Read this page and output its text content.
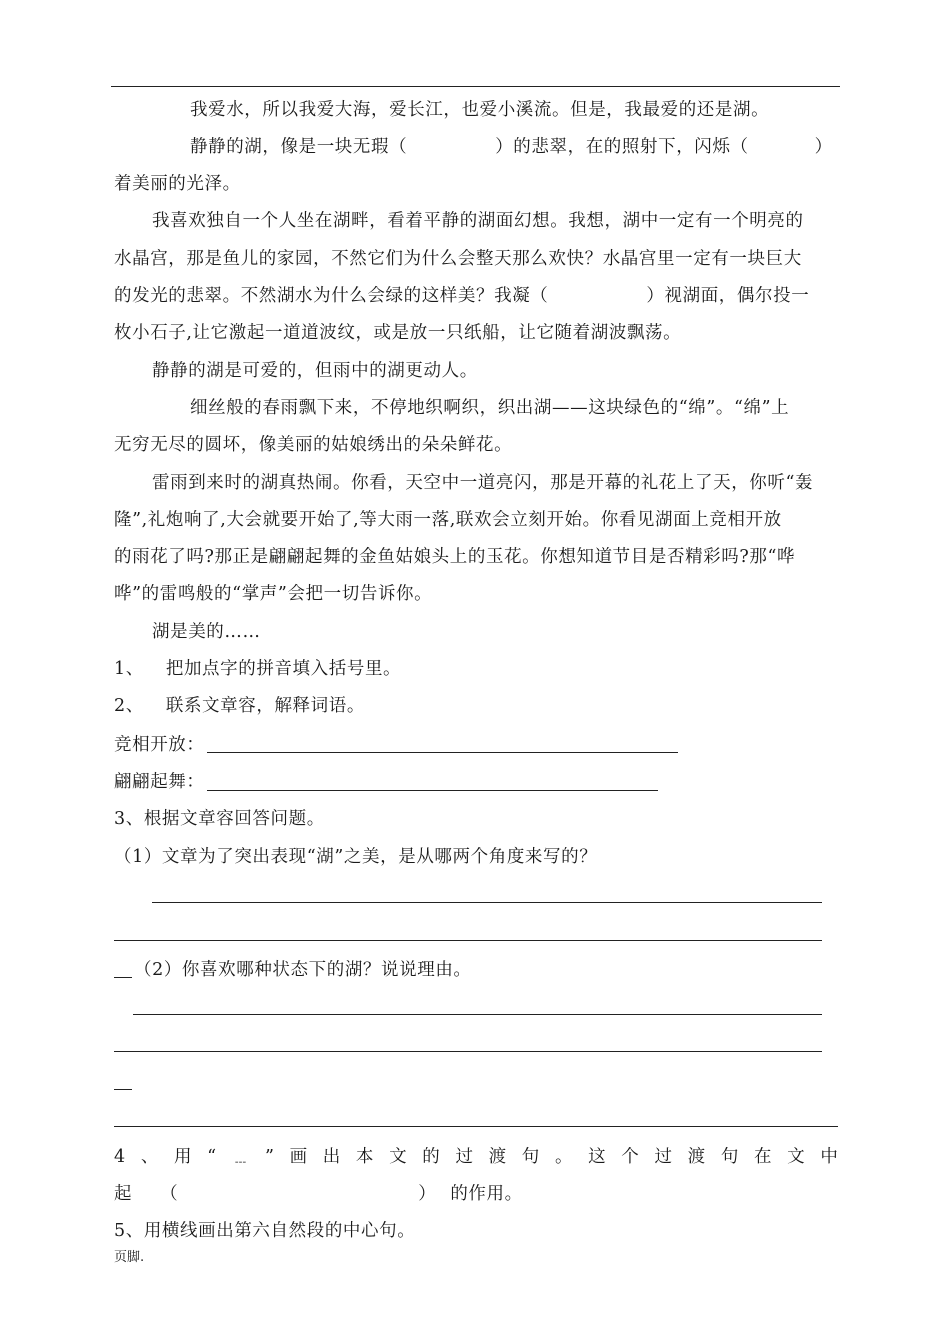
我爱水，所以我爱大海，爱长江，也爱小溪流。但是，我最爱的还是湖。
静静的湖，像是一块无瑕（	）的悲翠，在的照射下，闪烁（	）
着美丽的光泽。
我喜欢独自一个人坐在湖畔，看着平静的湖面幻想。我想，湖中一定有一个明亮的
水晶宫，那是鱼儿的家园，不然它们为什么会整天那么欢快？水晶宫里一定有一块巨大
的发光的悲翠。不然湖水为什么会绿的这样美？我凝（	）视湖面，偶尔投一
枚小石子,让它激起一道道波纹，或是放一只纸船，让它随着湖波飘荡。
静静的湖是可爱的，但雨中的湖更动人。
细丝般的春雨飘下来，不停地织啊织，织出湖——这块绿色的“绵”。“绵”上
无穷无尽的圆坏，像美丽的姑娘绣出的朵朵鲜花。
雷雨到来时的湖真热闹。你看，天空中一道亮闪，那是开幕的礼花上了天，你听“轰
隆”,礼炮响了,大会就要开始了,等大雨一落,联欢会立刻开始。你看见湖面上竞相开放
的雨花了吗?那正是翩翩起舞的金鱼姑娘头上的玉花。你想知道节目是否精彩吗?那“哗
哗”的雷鸣般的“掌声”会把一切告诉你。
湖是美的……
1、 把加点字的拼音填入括号里。
2、 联系文章容，解释词语。
竞相开放：
翩翩起舞：
3、根据文章容回答问题。
（1）文章为了突出表现“湖”之美，是从哪两个角度来写的？
（2）你喜欢哪种状态下的湖？说说理由。
4 、 用 “ ﹍ ” 画 出 本 文 的 过 渡 句 。 这 个 过 渡 句 在 文 中
起 （	） 的作用。
5、用横线画出第六自然段的中心句。
页脚.
